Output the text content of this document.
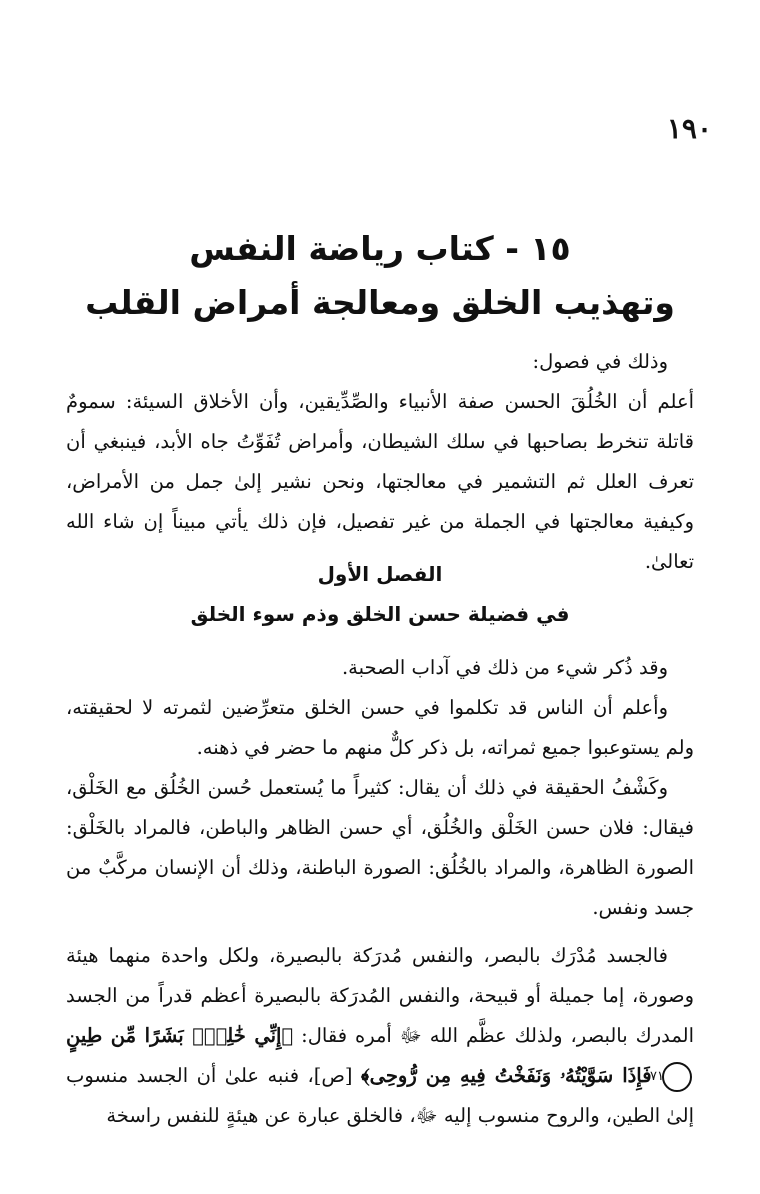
١٩٠
١٥ - كتاب رياضة النفس
وتهذيب الخلق ومعالجة أمراض القلب

وذلك في فصول:

أعلم أن الخُلُقَ الحسن صفة الأنبياء والصِّدِّيقين، وأن الأخلاق السيئة: سمومٌ قاتلة تنخرط بصاحبها في سلك الشيطان، وأمراض تُفَوِّتُ جاه الأبد، فينبغي أن تعرف العلل ثم التشمير في معالجتها، ونحن نشير إلىٰ جمل من الأمراض، وكيفية معالجتها في الجملة من غير تفصيل، فإن ذلك يأتي مبيناً إن شاء الله تعالىٰ.

الفصل الأول
في فضيلة حسن الخلق وذم سوء الخلق

وقد ذُكر شيء من ذلك في آداب الصحبة.

وأعلم أن الناس قد تكلموا في حسن الخلق متعرِّضين لثمرته لا لحقيقته، ولم يستوعبوا جميع ثمراته، بل ذكر كلٌّ منهم ما حضر في ذهنه.

وكَشْفُ الحقيقة في ذلك أن يقال: كثيراً ما يُستعمل حُسن الخُلُق مع الخَلْق، فيقال: فلان حسن الخَلْق والخُلُق، أي حسن الظاهر والباطن، فالمراد بالخَلْق: الصورة الظاهرة، والمراد بالخُلُق: الصورة الباطنة، وذلك أن الإنسان مركَّبٌ من جسد ونفس.

فالجسد مُدْرَك بالبصر، والنفس مُدرَكة بالبصيرة، ولكل واحدة منهما هيئة وصورة، إما جميلة أو قبيحة، والنفس المُدرَكة بالبصيرة أعظم قدراً من الجسد المدرك بالبصر، ولذلك عظَّم الله ﷻ أمره فقال: ﴿إِنِّي خَٰلِقٌۢ بَشَرًا مِّن طِينٍ٧١ فَإِذَا سَوَّيْتُهُۥ وَنَفَخْتُ فِيهِ مِن رُّوحِى﴾ [ص]، فنبه علىٰ أن الجسد منسوب إلىٰ الطين، والروح منسوب إليه ﷻ، فالخلق عبارة عن هيئةٍ للنفس راسخة
